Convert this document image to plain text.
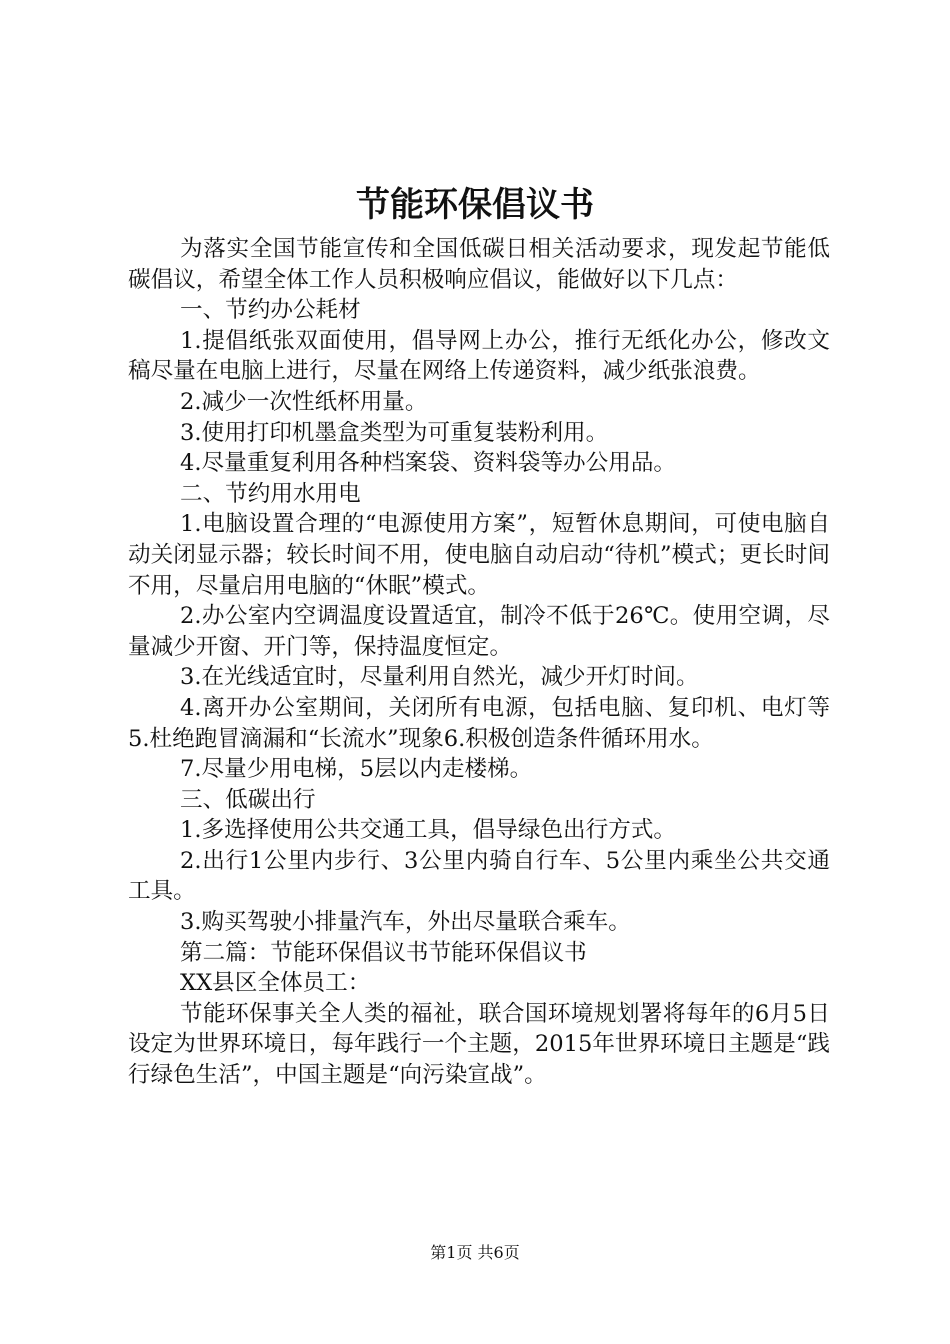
节能环保倡议书

为落实全国节能宣传和全国低碳日相关活动要求，现发起节能低碳倡议，希望全体工作人员积极响应倡议，能做好以下几点：

一、节约办公耗材

1.提倡纸张双面使用，倡导网上办公，推行无纸化办公，修改文稿尽量在电脑上进行，尽量在网络上传递资料，减少纸张浪费。

2.减少一次性纸杯用量。

3.使用打印机墨盒类型为可重复装粉利用。

4.尽量重复利用各种档案袋、资料袋等办公用品。

二、节约用水用电

1.电脑设置合理的“电源使用方案”，短暂休息期间，可使电脑自动关闭显示器；较长时间不用，使电脑自动启动“待机”模式；更长时间不用，尽量启用电脑的“休眠”模式。

2.办公室内空调温度设置适宜，制冷不低于26℃。使用空调，尽量减少开窗、开门等，保持温度恒定。

3.在光线适宜时，尽量利用自然光，减少开灯时间。

4.离开办公室期间，关闭所有电源，包括电脑、复印机、电灯等5.杜绝跑冒滴漏和“长流水”现象6.积极创造条件循环用水。

7.尽量少用电梯，5层以内走楼梯。

三、低碳出行

1.多选择使用公共交通工具，倡导绿色出行方式。

2.出行1公里内步行、3公里内骑自行车、5公里内乘坐公共交通工具。

3.购买驾驶小排量汽车，外出尽量联合乘车。

第二篇：节能环保倡议书节能环保倡议书

XX县区全体员工：

节能环保事关全人类的福祉，联合国环境规划署将每年的6月5日设定为世界环境日，每年践行一个主题，2015年世界环境日主题是“践行绿色生活”，中国主题是“向污染宣战”。

第1页 共6页
